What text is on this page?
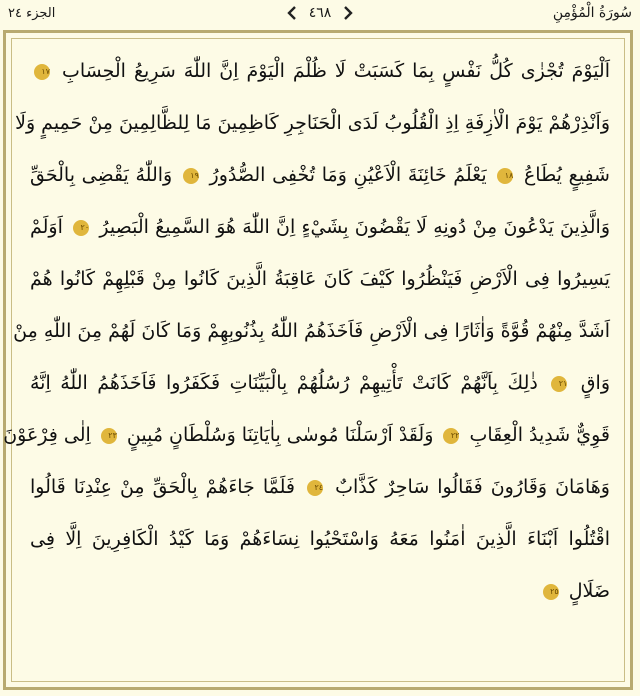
الجزء ٢٤	٤٦٨	سُورَةُ الْمُؤْمِنِ
اَلْيَوْمَ تُجْزٰى كُلُّ نَفْسٍ بِمَا كَسَبَتْ لَا ظُلْمَ الْيَوْمَ اِنَّ اللّٰهَ سَرِيعُ الْحِسَابِ ١٧
وَاَنْذِرْهُمْ يَوْمَ الْاٰزِفَةِ اِذِ الْقُلُوبُ لَدَى الْحَنَاجِرِ كَاظِمِينَ مَا لِلظَّالِمِينَ مِنْ حَمِيمٍ وَلَا
شَفِيعٍ يُطَاعُ ١٨ يَعْلَمُ خَائِنَةَ الْاَعْيُنِ وَمَا تُخْفِى الصُّدُورُ ١٩ وَاللّٰهُ يَقْضِى بِالْحَقِّ
وَالَّذِينَ يَدْعُونَ مِنْ دُونِهِ لَا يَقْضُونَ بِشَيْءٍ اِنَّ اللّٰهَ هُوَ السَّمِيعُ الْبَصِيرُ ٢٠ اَوَلَمْ
يَسِيرُوا فِى الْاَرْضِ فَيَنْظُرُوا كَيْفَ كَانَ عَاقِبَةُ الَّذِينَ كَانُوا مِنْ قَبْلِهِمْ كَانُوا هُمْ
اَشَدَّ مِنْهُمْ قُوَّةً وَاٰثَارًا فِى الْاَرْضِ فَاَخَذَهُمُ اللّٰهُ بِذُنُوبِهِمْ وَمَا كَانَ لَهُمْ مِنَ اللّٰهِ مِنْ
وَاقٍ ٢١ ذٰلِكَ بِاَنَّهُمْ كَانَتْ تَأْتِيهِمْ رُسُلُهُمْ بِالْبَيِّنَاتِ فَكَفَرُوا فَاَخَذَهُمُ اللّٰهُ اِنَّهُ
قَوِيٌّ شَدِيدُ الْعِقَابِ ٢٢ وَلَقَدْ اَرْسَلْنَا مُوسٰى بِاٰيَاتِنَا وَسُلْطَانٍ مُبِينٍ ٢٣ اِلٰى فِرْعَوْنَ
وَهَامَانَ وَقَارُونَ فَقَالُوا سَاحِرٌ كَذَّابٌ ٢٤ فَلَمَّا جَاءَهُمْ بِالْحَقِّ مِنْ عِنْدِنَا قَالُوا
اقْتُلُوا اَبْنَاءَ الَّذِينَ اٰمَنُوا مَعَهُ وَاسْتَحْيُوا نِسَاءَهُمْ وَمَا كَيْدُ الْكَافِرِينَ اِلَّا فِى
ضَلَالٍ ٢٥
